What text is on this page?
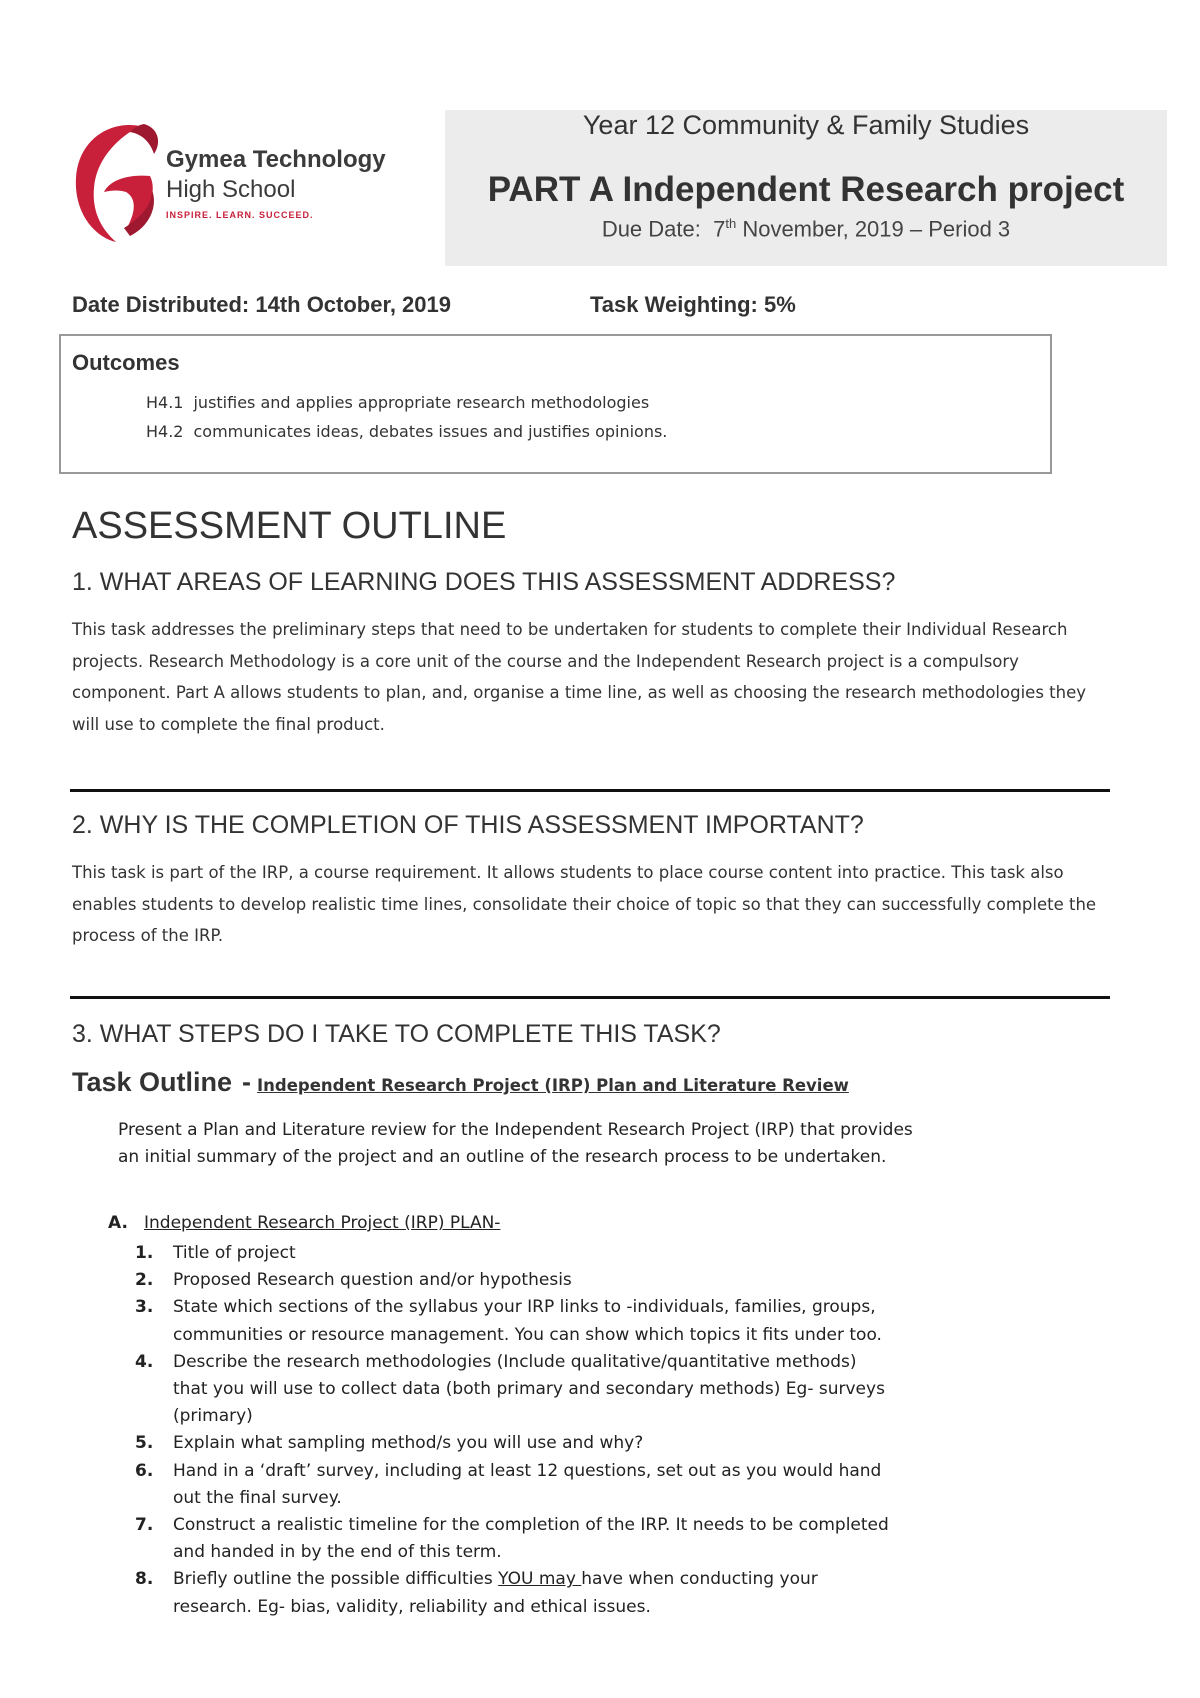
Gymea Technology
High School
INSPIRE. LEARN. SUCCEED.
Year 12 Community & Family Studies
PART A Independent Research project
Due Date: 7th November, 2019 – Period 3
Date Distributed: 14th October, 2019	Task Weighting: 5%
Outcomes
H4.1 justifies and applies appropriate research methodologies
H4.2 communicates ideas, debates issues and justifies opinions.
ASSESSMENT OUTLINE
1. WHAT AREAS OF LEARNING DOES THIS ASSESSMENT ADDRESS?
This task addresses the preliminary steps that need to be undertaken for students to complete their Individual Research projects. Research Methodology is a core unit of the course and the Independent Research project is a compulsory component. Part A allows students to plan, and, organise a time line, as well as choosing the research methodologies they will use to complete the final product.
2. WHY IS THE COMPLETION OF THIS ASSESSMENT IMPORTANT?
This task is part of the IRP, a course requirement. It allows students to place course content into practice. This task also enables students to develop realistic time lines, consolidate their choice of topic so that they can successfully complete the process of the IRP.
3. WHAT STEPS DO I TAKE TO COMPLETE THIS TASK?
Task Outline - Independent Research Project (IRP) Plan and Literature Review
Present a Plan and Literature review for the Independent Research Project (IRP) that provides an initial summary of the project and an outline of the research process to be undertaken.
A. Independent Research Project (IRP) PLAN-
1. Title of project
2. Proposed Research question and/or hypothesis
3. State which sections of the syllabus your IRP links to -individuals, families, groups, communities or resource management. You can show which topics it fits under too.
4. Describe the research methodologies (Include qualitative/quantitative methods) that you will use to collect data (both primary and secondary methods) Eg- surveys (primary)
5. Explain what sampling method/s you will use and why?
6. Hand in a ‘draft’ survey, including at least 12 questions, set out as you would hand out the final survey.
7. Construct a realistic timeline for the completion of the IRP. It needs to be completed and handed in by the end of this term.
8. Briefly outline the possible difficulties YOU may have when conducting your research. Eg- bias, validity, reliability and ethical issues.
